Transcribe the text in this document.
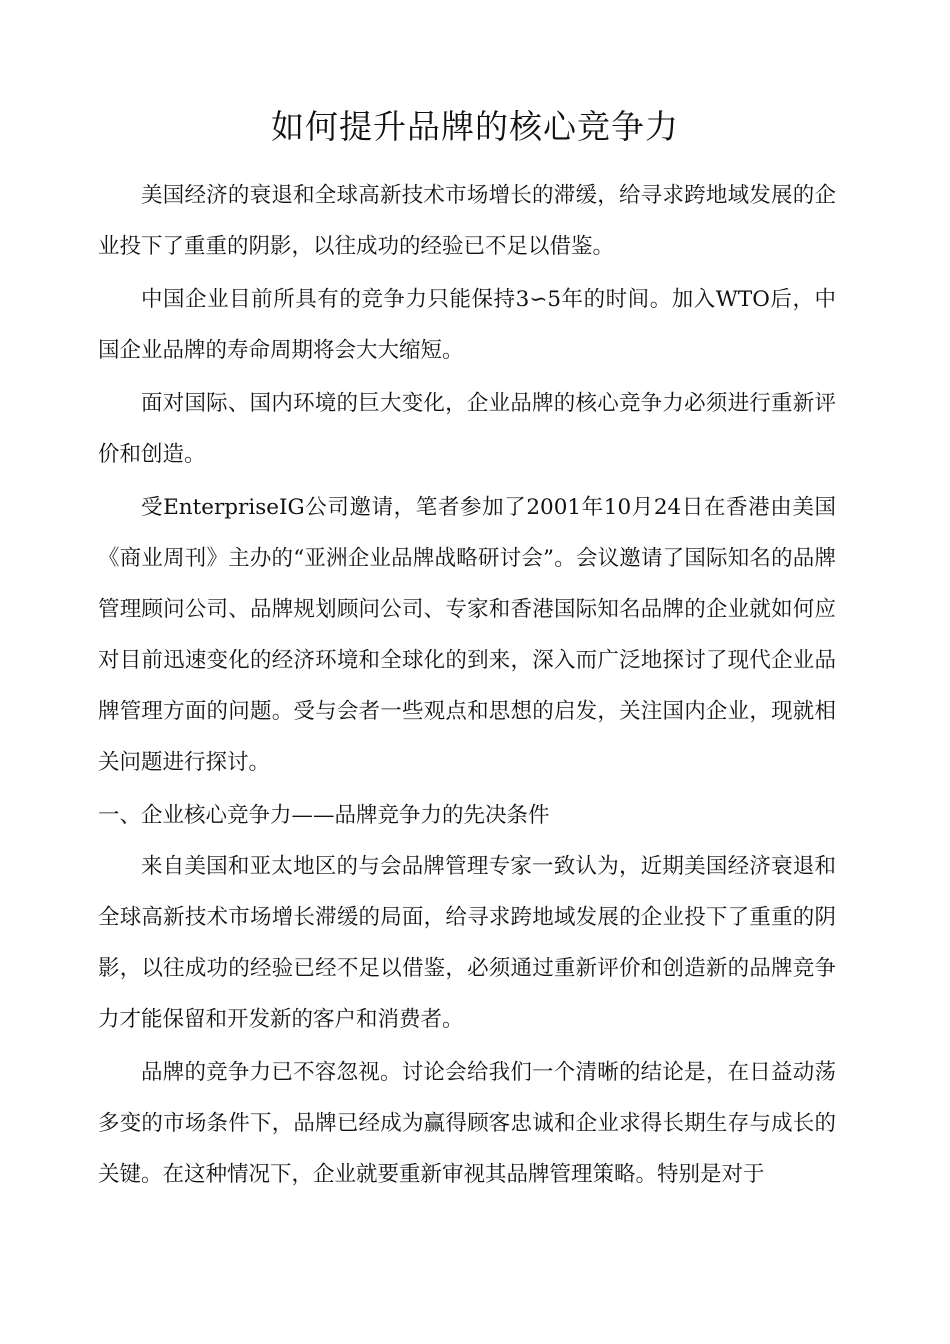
如何提升品牌的核心竞争力

美国经济的衰退和全球高新技术市场增长的滞缓，给寻求跨地域发展的企业投下了重重的阴影，以往成功的经验已不足以借鉴。

中国企业目前所具有的竞争力只能保持3∽5年的时间。加入WTO后，中国企业品牌的寿命周期将会大大缩短。

面对国际、国内环境的巨大变化，企业品牌的核心竞争力必须进行重新评价和创造。

受EnterpriseIG公司邀请，笔者参加了2001年10月24日在香港由美国《商业周刊》主办的“亚洲企业品牌战略研讨会”。会议邀请了国际知名的品牌管理顾问公司、品牌规划顾问公司、专家和香港国际知名品牌的企业就如何应对目前迅速变化的经济环境和全球化的到来，深入而广泛地探讨了现代企业品牌管理方面的问题。受与会者一些观点和思想的启发，关注国内企业，现就相关问题进行探讨。

一、企业核心竞争力——品牌竞争力的先决条件

来自美国和亚太地区的与会品牌管理专家一致认为，近期美国经济衰退和全球高新技术市场增长滞缓的局面，给寻求跨地域发展的企业投下了重重的阴影，以往成功的经验已经不足以借鉴，必须通过重新评价和创造新的品牌竞争力才能保留和开发新的客户和消费者。

品牌的竞争力已不容忽视。讨论会给我们一个清晰的结论是，在日益动荡多变的市场条件下，品牌已经成为赢得顾客忠诚和企业求得长期生存与成长的关键。在这种情况下，企业就要重新审视其品牌管理策略。特别是对于
